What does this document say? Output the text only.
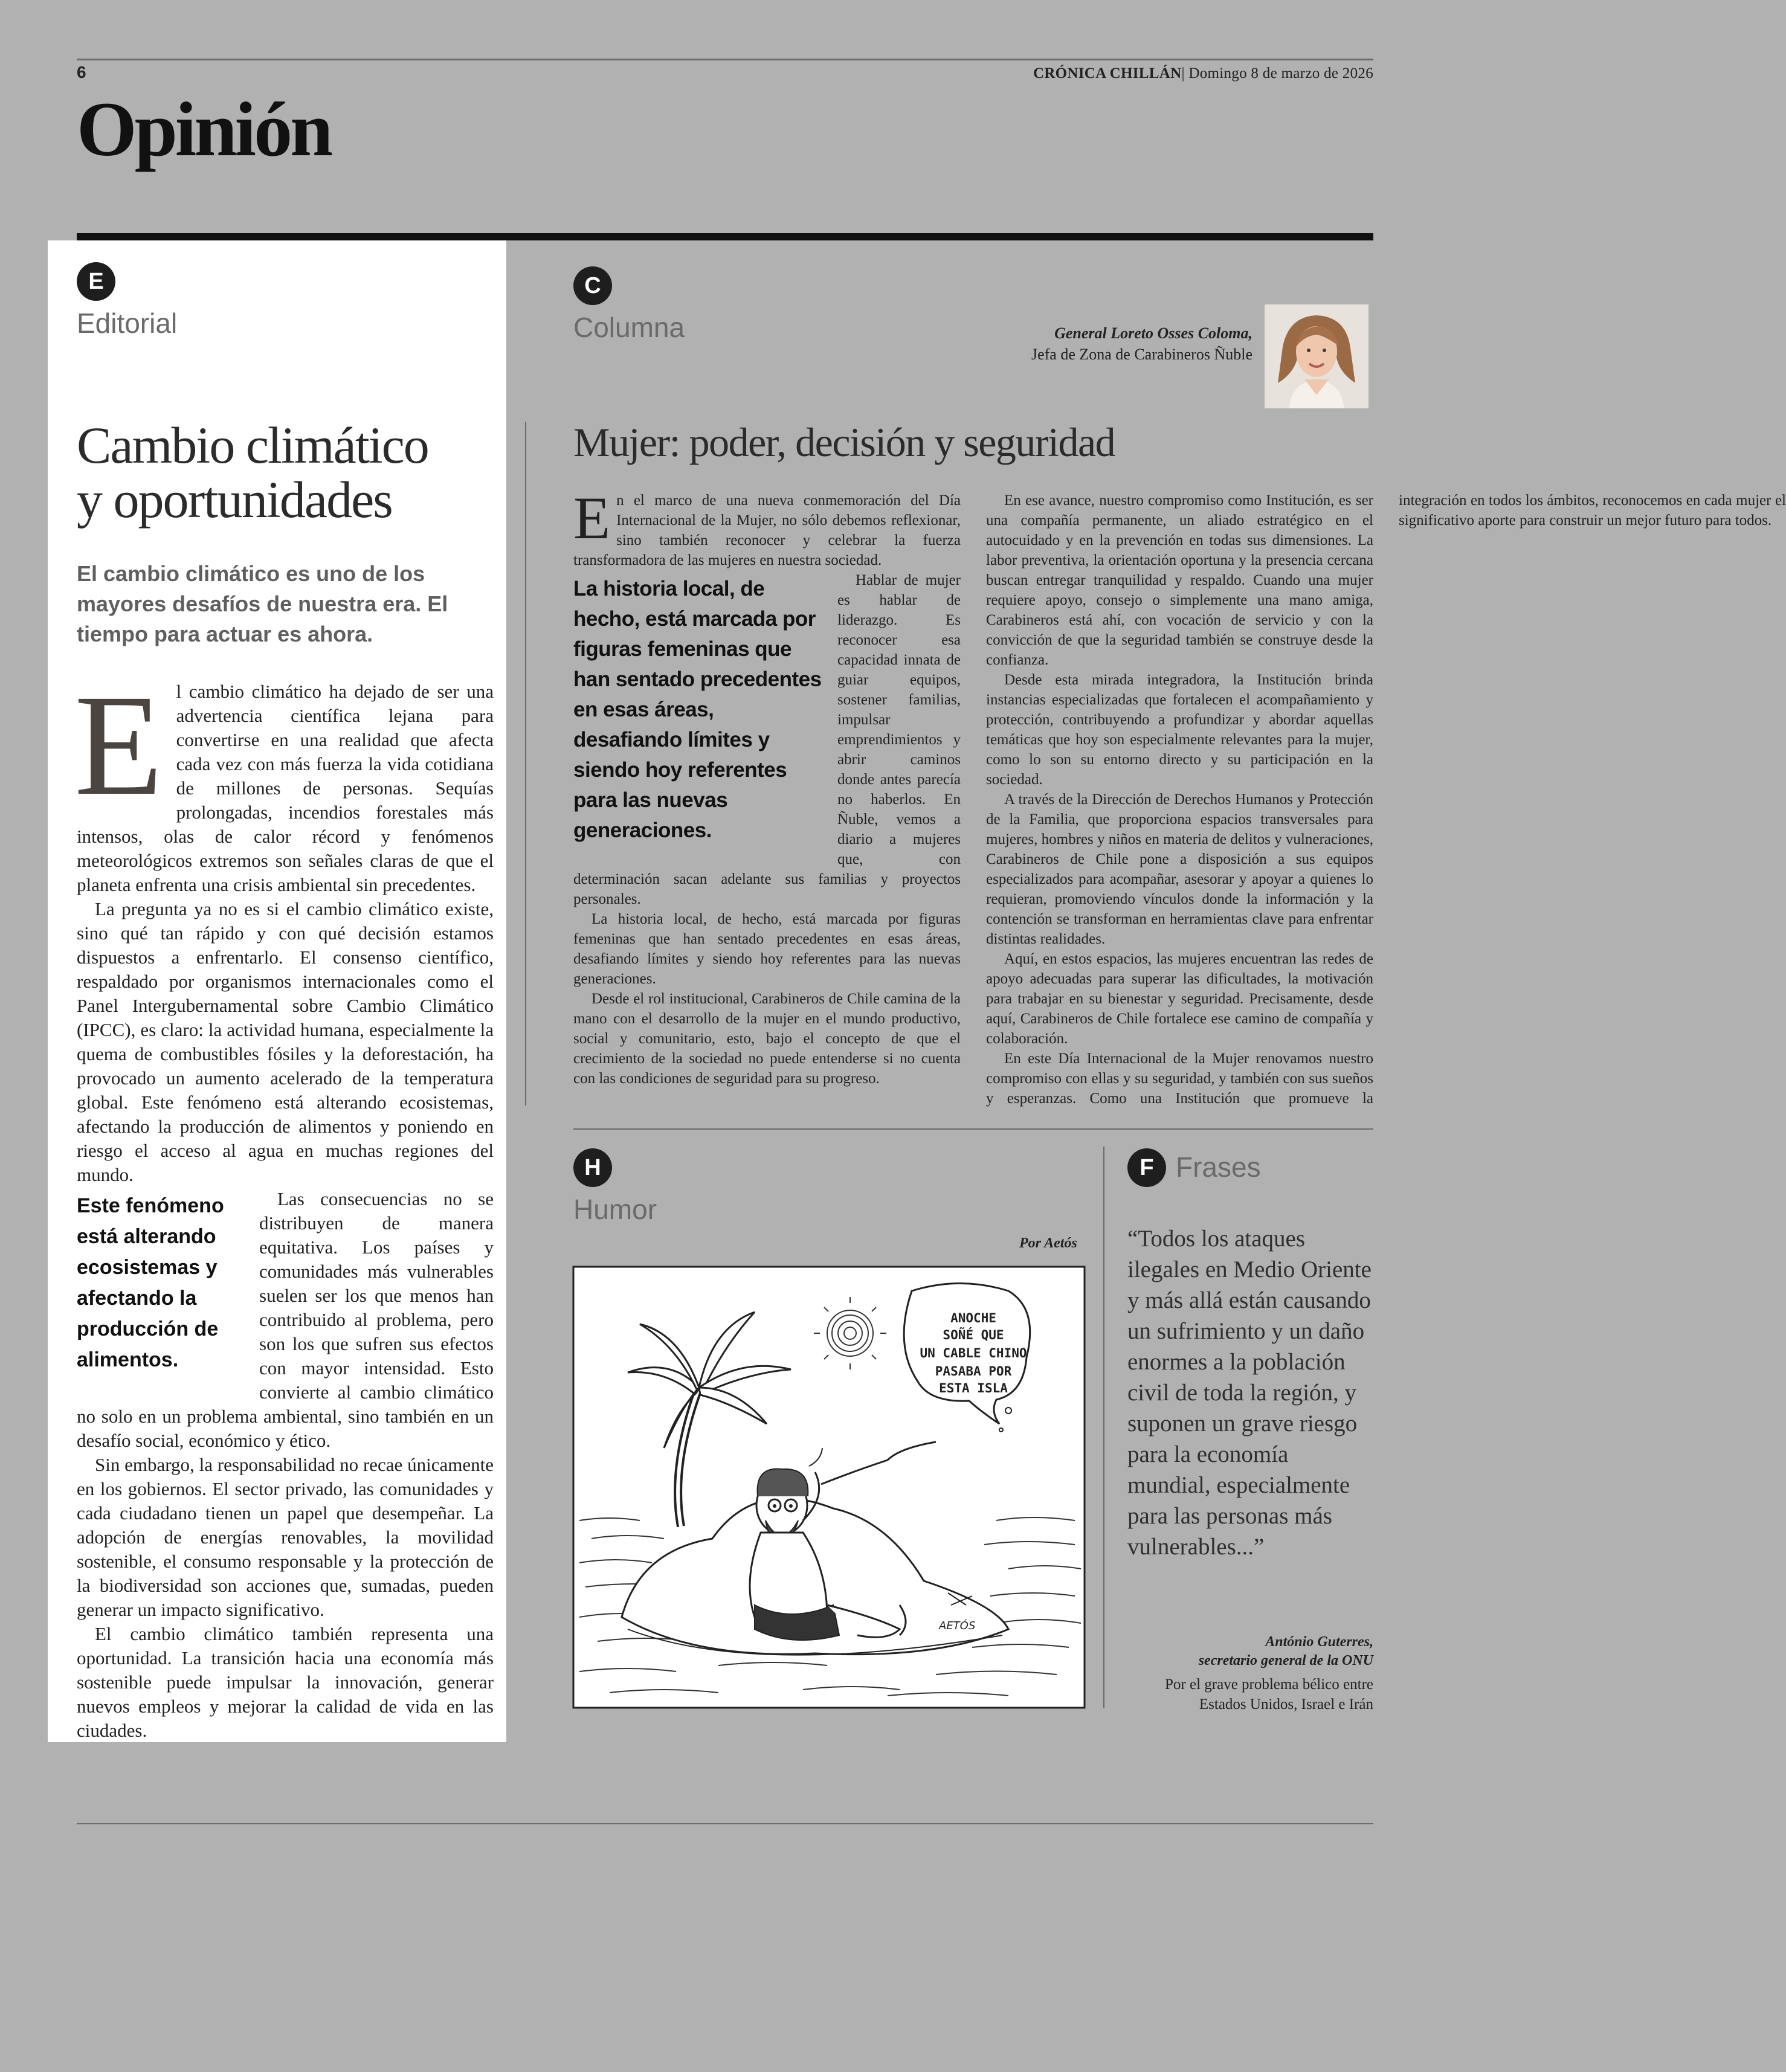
6	CRÓNICA CHILLÁN| Domingo 8 de marzo de 2026
Opinión
E
Editorial
Cambio climático
y oportunidades
El cambio climático es uno de los mayores desafíos de nuestra era. El tiempo para actuar es ahora.

El cambio climático ha dejado de ser una advertencia científica lejana para convertirse en una realidad que afecta cada vez con más fuerza la vida cotidiana de millones de personas. Sequías prolongadas, incendios forestales más intensos, olas de calor récord y fenómenos meteorológicos extremos son señales claras de que el planeta enfrenta una crisis ambiental sin precedentes.

La pregunta ya no es si el cambio climático existe, sino qué tan rápido y con qué decisión estamos dispuestos a enfrentarlo. El consenso científico, respaldado por organismos internacionales como el Panel Intergubernamental sobre Cambio Climático (IPCC), es claro: la actividad humana, especialmente la quema de combustibles fósiles y la deforestación, ha provocado un aumento acelerado de la temperatura global. Este fenómeno está alterando ecosistemas, afectando la producción de alimentos y poniendo en riesgo el acceso al agua en muchas regiones del mundo.

Este fenómeno está alterando ecosistemas y afectando la producción de alimentos.

Las consecuencias no se distribuyen de manera equitativa. Los países y comunidades más vulnerables suelen ser los que menos han contribuido al problema, pero son los que sufren sus efectos con mayor intensidad. Esto convierte al cambio climático no solo en un problema ambiental, sino también en un desafío social, económico y ético.

Sin embargo, la responsabilidad no recae únicamente en los gobiernos. El sector privado, las comunidades y cada ciudadano tienen un papel que desempeñar. La adopción de energías renovables, la movilidad sostenible, el consumo responsable y la protección de la biodiversidad son acciones que, sumadas, pueden generar un impacto significativo.

El cambio climático también representa una oportunidad. La transición hacia una economía más sostenible puede impulsar la innovación, generar nuevos empleos y mejorar la calidad de vida en las ciudades.

C
Columna	General Loreto Osses Coloma,
Jefa de Zona de Carabineros Ñuble
Mujer: poder, decisión y seguridad

En el marco de una nueva conmemoración del Día Internacional de la Mujer, no sólo debemos reflexionar, sino también reconocer y celebrar la fuerza transformadora de las mujeres en nuestra sociedad.

La historia local, de hecho, está marcada por figuras femeninas que han sentado precedentes en esas áreas, desafiando límites y siendo hoy referentes para las nuevas generaciones.

Hablar de mujer es hablar de liderazgo. Es reconocer esa capacidad innata de guiar equipos, sostener familias, impulsar emprendimientos y abrir caminos donde antes parecía no haberlos. En Ñuble, vemos a diario a mujeres que, con determinación sacan adelante sus familias y proyectos personales.

La historia local, de hecho, está marcada por figuras femeninas que han sentado precedentes en esas áreas, desafiando límites y siendo hoy referentes para las nuevas generaciones.

Desde el rol institucional, Carabineros de Chile camina de la mano con el desarrollo de la mujer en el mundo productivo, social y comunitario, esto, bajo el concepto de que el crecimiento de la sociedad no puede entenderse si no cuenta con las condiciones de seguridad para su progreso.

En ese avance, nuestro compromiso como Institución, es ser una compañía permanente, un aliado estratégico en el autocuidado y en la prevención en todas sus dimensiones. La labor preventiva, la orientación oportuna y la presencia cercana buscan entregar tranquilidad y respaldo. Cuando una mujer requiere apoyo, consejo o simplemente una mano amiga, Carabineros está ahí, con vocación de servicio y con la convicción de que la seguridad también se construye desde la confianza.

Desde esta mirada integradora, la Institución brinda instancias especializadas que fortalecen el acompañamiento y protección, contribuyendo a profundizar y abordar aquellas temáticas que hoy son especialmente relevantes para la mujer, como lo son su entorno directo y su participación en la sociedad.

A través de la Dirección de Derechos Humanos y Protección de la Familia, que proporciona espacios transversales para mujeres, hombres y niños en materia de delitos y vulneraciones, Carabineros de Chile pone a disposición a sus equipos especializados para acompañar, asesorar y apoyar a quienes lo requieran, promoviendo vínculos donde la información y la contención se transforman en herramientas clave para enfrentar distintas realidades.

Aquí, en estos espacios, las mujeres encuentran las redes de apoyo adecuadas para superar las dificultades, la motivación para trabajar en su bienestar y seguridad. Precisamente, desde aquí, Carabineros de Chile fortalece ese camino de compañía y colaboración.

En este Día Internacional de la Mujer renovamos nuestro compromiso con ellas y su seguridad, y también con sus sueños y esperanzas. Como una Institución que promueve la integración en todos los ámbitos, reconocemos en cada mujer el significativo aporte para construir un mejor futuro para todos.

H
Humor
Por Aetós
ANOCHE
SOÑÉ QUE
UN CABLE CHINO
PASABA POR
ESTA ISLA
AETÓS
F Frases
“Todos los ataques ilegales en Medio Oriente y más allá están causando un sufrimiento y un daño enormes a la población civil de toda la región, y suponen un grave riesgo para la economía mundial, especialmente para las personas más vulnerables...”
António Guterres,
secretario general de la ONU
Por el grave problema bélico entre Estados Unidos, Israel e Irán
